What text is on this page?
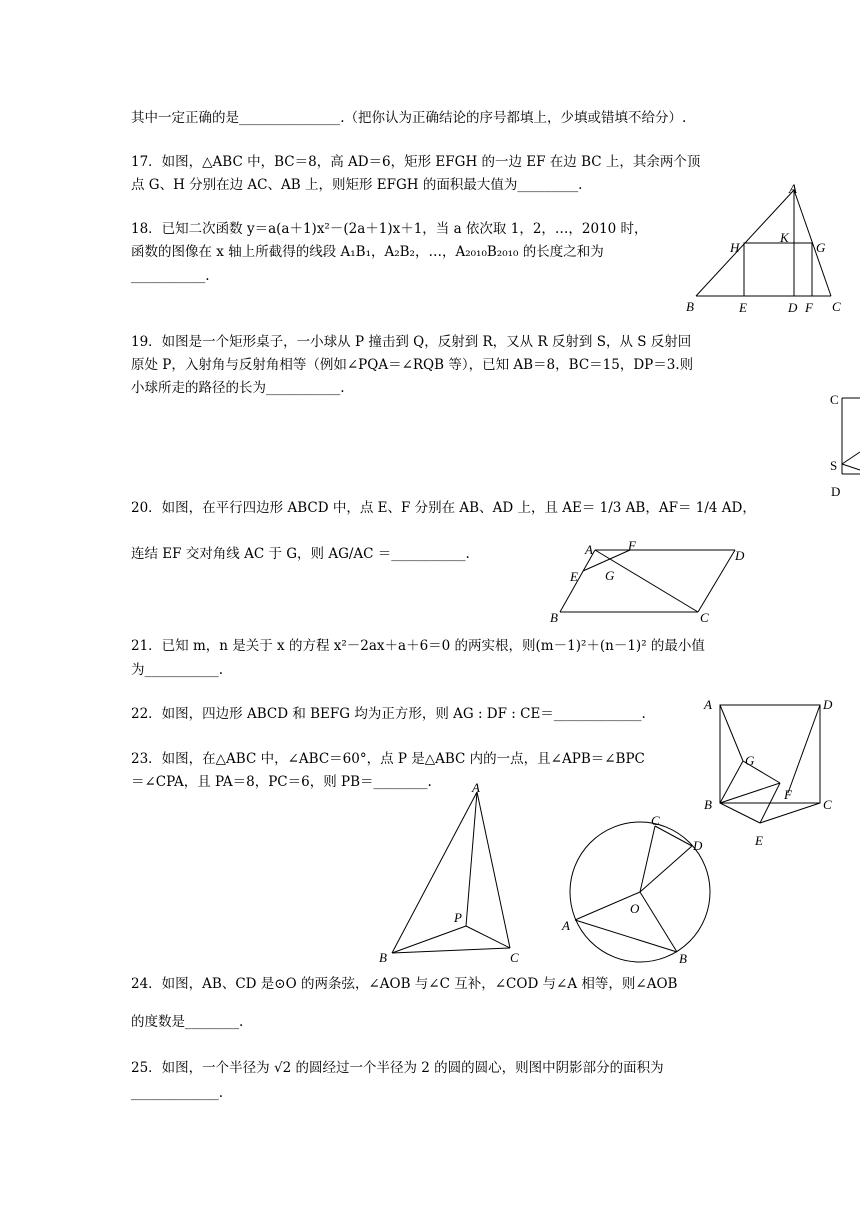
其中一定正确的是_______________.（把你认为正确结论的序号都填上，少填或错填不给分）.
17．如图，△ABC 中，BC＝8，高 AD＝6，矩形 EFGH 的一边 EF 在边 BC 上，其余两个顶
点 G、H 分别在边 AC、AB 上，则矩形 EFGH 的面积最大值为_________.
18．已知二次函数 y＝a(a＋1)x²－(2a＋1)x＋1，当 a 依次取 1，2，…，2010 时，
函数的图像在 x 轴上所截得的线段 A₁B₁，A₂B₂，…，A₂₀₁₀B₂₀₁₀ 的长度之和为
___________.
19．如图是一个矩形桌子，一小球从 P 撞击到 Q，反射到 R，又从 R 反射到 S，从 S 反射回
原处 P，入射角与反射角相等（例如∠PQA＝∠RQB 等），已知 AB＝8，BC＝15，DP＝3.则
小球所走的路径的长为___________.
20．如图，在平行四边形 ABCD 中，点 E、F 分别在 AB、AD 上，且 AE＝ 1/3 AB，AF＝ 1/4 AD，
连结 EF 交对角线 AC 于 G，则 AG/AC ＝___________.
21．已知 m，n 是关于 x 的方程 x²－2ax＋a＋6＝0 的两实根，则(m－1)²＋(n－1)² 的最小值
为___________.
22．如图，四边形 ABCD 和 BEFG 均为正方形，则 AG : DF : CE＝_____________.
23．如图，在△ABC 中，∠ABC＝60°，点 P 是△ABC 内的一点，且∠APB＝∠BPC
＝∠CPA，且 PA＝8，PC＝6，则 PB＝________.
24．如图，AB、CD 是⊙O 的两条弦，∠AOB 与∠C 互补，∠COD 与∠A 相等，则∠AOB
的度数是________.
25．如图，一个半径为 √2 的圆经过一个半径为 2 的圆的圆心，则图中阴影部分的面积为
_____________.
A
H
K
G
B	E	D F C
C
S
D
A	F
D
E G
B	C
A	D
G
B
F
C
E
A
P
B	C
C
D
O
A
B
